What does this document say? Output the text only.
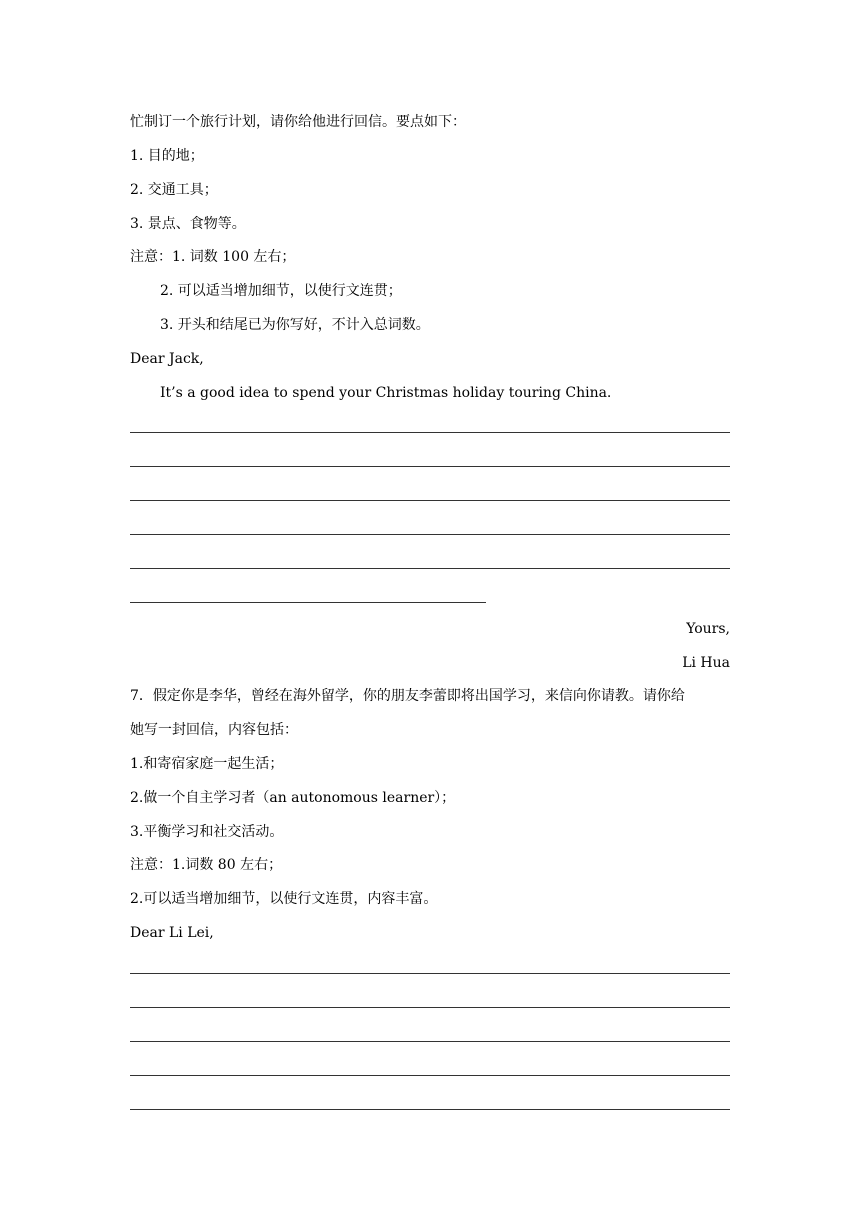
忙制订一个旅行计划，请你给他进行回信。要点如下：
1. 目的地；
2. 交通工具；
3. 景点、食物等。
注意：1. 词数 100 左右；
2. 可以适当增加细节，以使行文连贯；
3. 开头和结尾已为你写好，不计入总词数。
Dear Jack,
It’s a good idea to spend your Christmas holiday touring China.
Yours,
Li Hua
7．假定你是李华，曾经在海外留学，你的朋友李蕾即将出国学习，来信向你请教。请你给
她写一封回信，内容包括：
1.和寄宿家庭一起生活；
2.做一个自主学习者（an autonomous learner）；
3.平衡学习和社交活动。
注意：1.词数 80 左右；
2.可以适当增加细节，以使行文连贯，内容丰富。
Dear Li Lei,
